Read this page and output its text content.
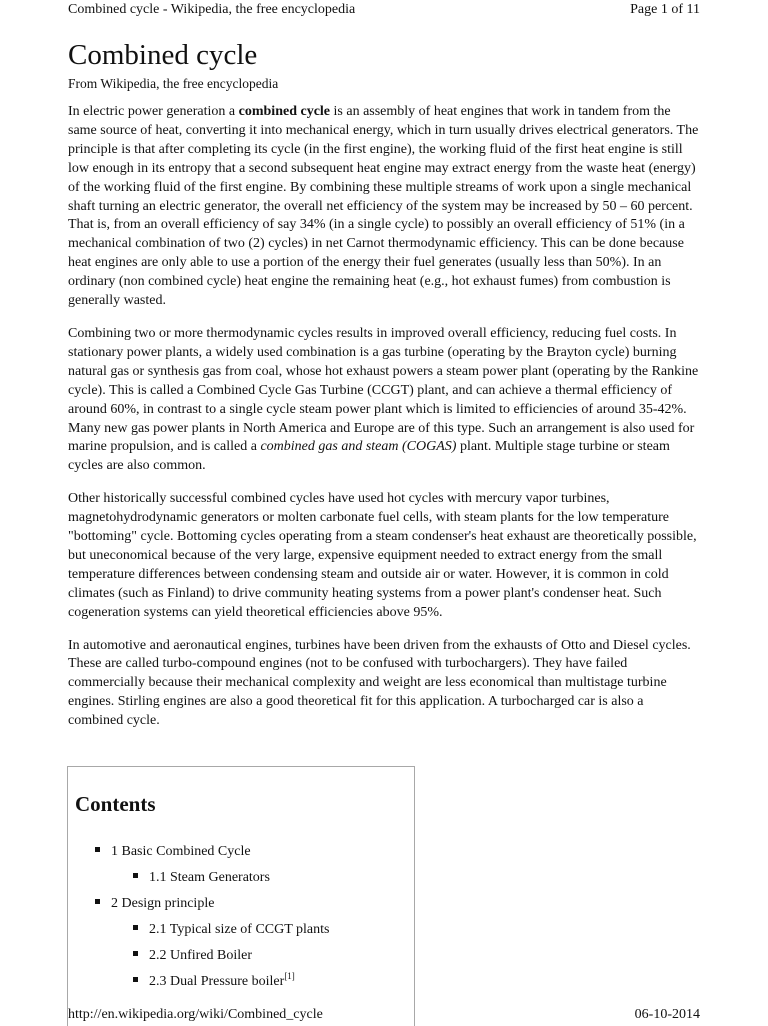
Combined cycle - Wikipedia, the free encyclopedia	Page 1 of 11
Combined cycle
From Wikipedia, the free encyclopedia

In electric power generation a combined cycle is an assembly of heat engines that work in tandem from the same source of heat, converting it into mechanical energy, which in turn usually drives electrical generators. The principle is that after completing its cycle (in the first engine), the working fluid of the first heat engine is still low enough in its entropy that a second subsequent heat engine may extract energy from the waste heat (energy) of the working fluid of the first engine. By combining these multiple streams of work upon a single mechanical shaft turning an electric generator, the overall net efficiency of the system may be increased by 50 – 60 percent. That is, from an overall efficiency of say 34% (in a single cycle) to possibly an overall efficiency of 51% (in a mechanical combination of two (2) cycles) in net Carnot thermodynamic efficiency. This can be done because heat engines are only able to use a portion of the energy their fuel generates (usually less than 50%). In an ordinary (non combined cycle) heat engine the remaining heat (e.g., hot exhaust fumes) from combustion is generally wasted.

Combining two or more thermodynamic cycles results in improved overall efficiency, reducing fuel costs. In stationary power plants, a widely used combination is a gas turbine (operating by the Brayton cycle) burning natural gas or synthesis gas from coal, whose hot exhaust powers a steam power plant (operating by the Rankine cycle). This is called a Combined Cycle Gas Turbine (CCGT) plant, and can achieve a thermal efficiency of around 60%, in contrast to a single cycle steam power plant which is limited to efficiencies of around 35-42%. Many new gas power plants in North America and Europe are of this type. Such an arrangement is also used for marine propulsion, and is called a combined gas and steam (COGAS) plant. Multiple stage turbine or steam cycles are also common.

Other historically successful combined cycles have used hot cycles with mercury vapor turbines, magnetohydrodynamic generators or molten carbonate fuel cells, with steam plants for the low temperature "bottoming" cycle. Bottoming cycles operating from a steam condenser's heat exhaust are theoretically possible, but uneconomical because of the very large, expensive equipment needed to extract energy from the small temperature differences between condensing steam and outside air or water. However, it is common in cold climates (such as Finland) to drive community heating systems from a power plant's condenser heat. Such cogeneration systems can yield theoretical efficiencies above 95%.

In automotive and aeronautical engines, turbines have been driven from the exhausts of Otto and Diesel cycles. These are called turbo-compound engines (not to be confused with turbochargers). They have failed commercially because their mechanical complexity and weight are less economical than multistage turbine engines. Stirling engines are also a good theoretical fit for this application. A turbocharged car is also a combined cycle.

Contents
1 Basic Combined Cycle
1.1 Steam Generators
2 Design principle
2.1 Typical size of CCGT plants
2.2 Unfired Boiler
2.3 Dual Pressure boiler[1]
http://en.wikipedia.org/wiki/Combined_cycle	06-10-2014
